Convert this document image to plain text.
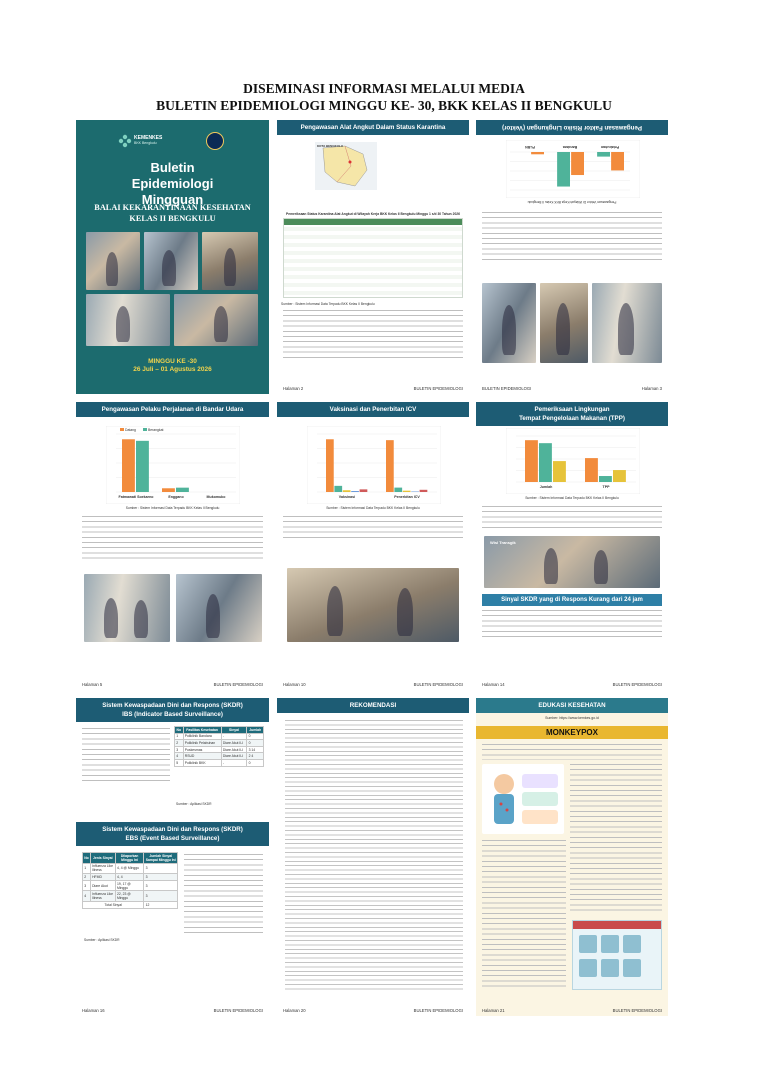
DISEMINASI INFORMASI MELALUI MEDIA
BULETIN EPIDEMIOLOGI MINGGU KE- 30, BKK KELAS II BENGKULU
KEMENKES
BKK Bengkulu
Buletin Epidemiologi Mingguan
BALAI KEKARANTINAAN KESEHATAN KELAS II BENGKULU
MINGGU KE -30
26 Juli – 01 Agustus 2026
Pengawasan Alat Angkut Dalam Status Karantina
KOTA BENGKULU
Pemeriksaan Status Karantina Alat Angkut di Wilayah Kerja BKK Kelas II Bengkulu Minggu 1 s/d 30 Tahun 2026
Sumber : Sistem Informasi Data Terpadu BKK Kelas II Bengkulu
Halaman 2	BULETIN EPIDEMIOLOGI
Pengawasan Faktor Risiko Lingkungan (Vektor)
Pelabuhan
Bandara
PLBN
Pengawasan Vektor Di Wilayah Kerja BKK Kelas II Bengkulu
BULETIN EPIDEMIOLOGI	Halaman 3
Pengawasan Pelaku Perjalanan di Bandar Udara
Fatmawati Soekarno	Enggano	Mukomuko
Datang	Berangkat
Sumber : Sistem Informasi Data Terpadu BKK Kelas II Bengkulu
Halaman 5	BULETIN EPIDEMIOLOGI
Vaksinasi dan Penerbitan ICV
Vaksinasi	Penerbitan ICV
Sumber : Sistem Informasi Data Terpadu BKK Kelas II Bengkulu
Halaman 10	BULETIN EPIDEMIOLOGI
Pemeriksaan Lingkungan
Tempat Pengelolaan Makanan (TPP)
Jumlah	TPP
Sumber : Sistem Informasi Data Terpadu BKK Kelas II Bengkulu
Wisl Transgik
Sinyal SKDR yang di Respons Kurang dari 24 jam
Halaman 14	BULETIN EPIDEMIOLOGI
Sistem Kewaspadaan Dini dan Respons (SKDR)
IBS (Indicator Based Surveillance)
No	Fasilitas Kesehatan	Sinyal	Jumlah
1	Poliklinik Bandara	-	0
2	Poliklinik Pelabuhan	Diare Akut ILI	0
3	Puskesmas	Diare Akut ILI	3 14
4	RSUD	Diare Akut ILI	2 4
5	Poliklinik BKK	-	0
Sumber : Aplikasi SKDR
Sistem Kewaspadaan Dini dan Respons (SKDR)
EBS (Event Based Surveillance)
No	Jenis Sinyal	Dilaporkan Minggu Ini	Jumlah Sinyal Sampai Minggu Ini
1	Influenza Like Illness	4, 4 @ Minggu	3
2	HFMD	4, 4	3
3	Diare Akut	19, 17 @ Minggu	3
4	Influenza Like Illness	22, 23 @ Minggu	3
Total Sinyal			12
Sumber : Aplikasi SKDR
Halaman 16	BULETIN EPIDEMIOLOGI
REKOMENDASI
Halaman 20	BULETIN EPIDEMIOLOGI
EDUKASI KESEHATAN
Sumber: https://www.kemkes.go.id
MONKEYPOX
Halaman 21	BULETIN EPIDEMIOLOGI
